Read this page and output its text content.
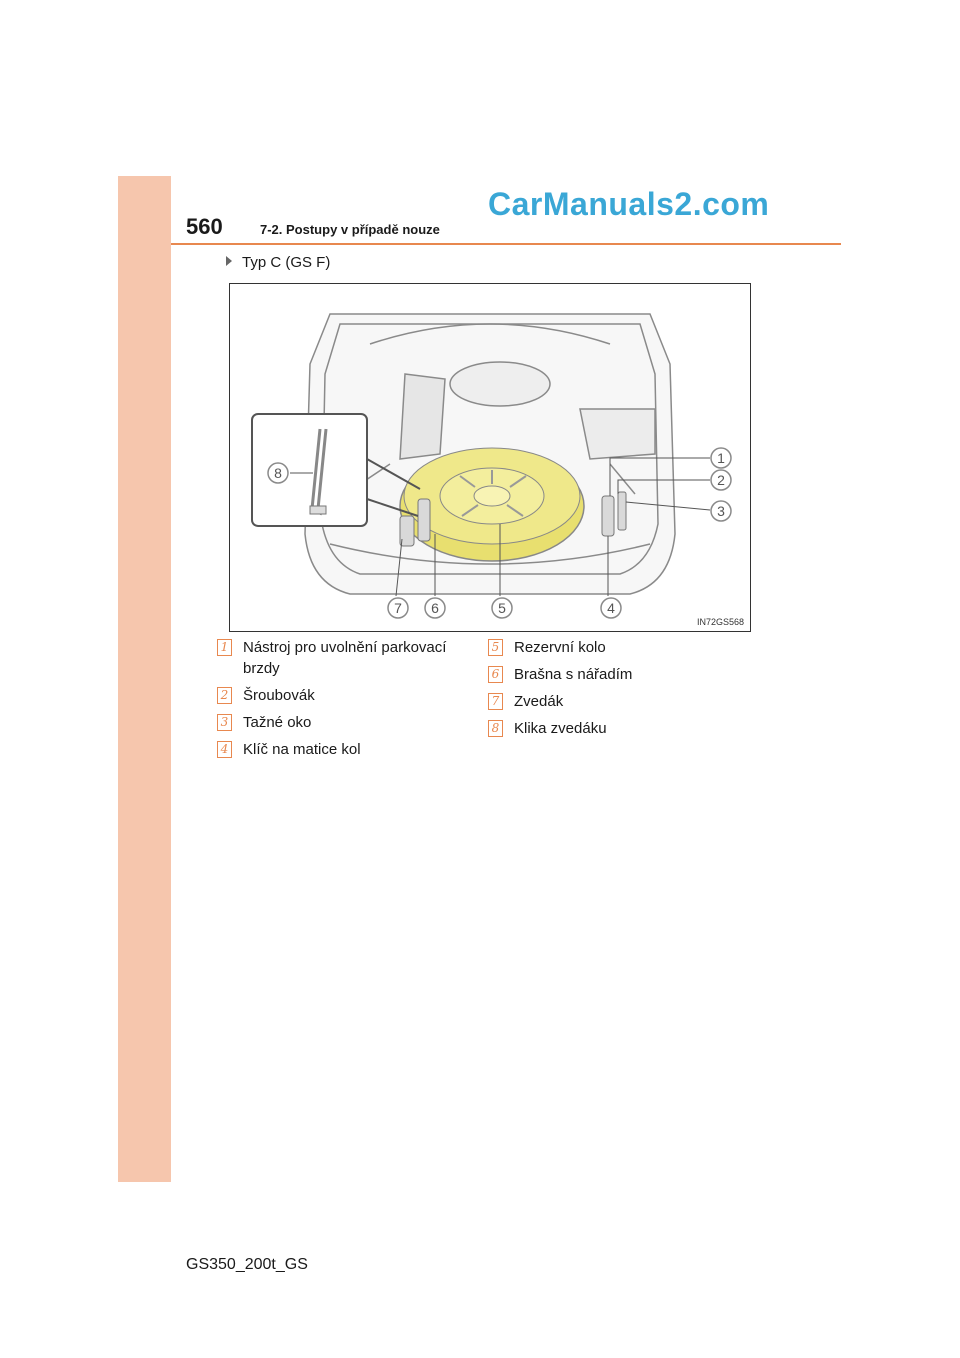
560	7-2. Postupy v případě nouze
CarManuals2.com
Typ C (GS F)
1
2
3
4
5
6
7
8
IN72GS568
1 Nástroj pro uvolnění parkovací brzdy
2 Šroubovák
3 Tažné oko
4 Klíč na matice kol
5 Rezervní kolo
6 Brašna s nářadím
7 Zvedák
8 Klika zvedáku
GS350_200t_GS
